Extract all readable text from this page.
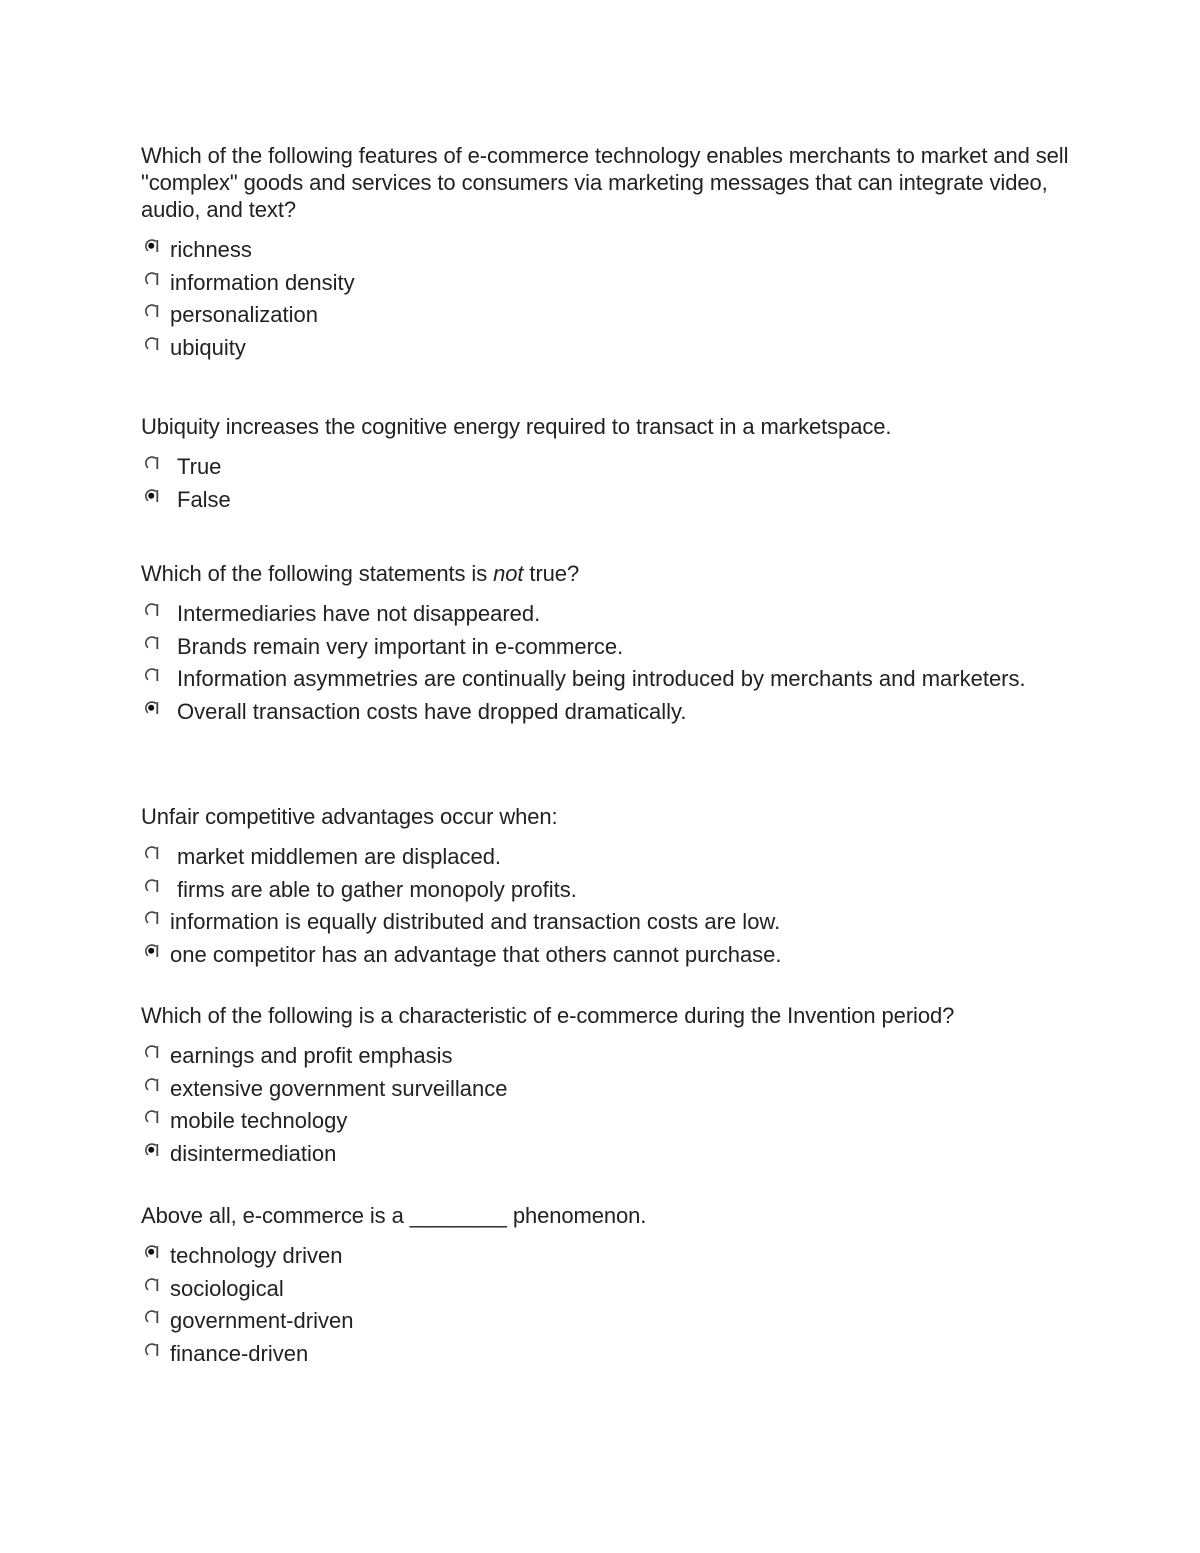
Which of the following features of e-commerce technology enables merchants to market and sell "complex" goods and services to consumers via marketing messages that can integrate video, audio, and text?

richness
information density
personalization
ubiquity

Ubiquity increases the cognitive energy required to transact in a marketspace.

True
False

Which of the following statements is not true?

Intermediaries have not disappeared.
Brands remain very important in e-commerce.
Information asymmetries are continually being introduced by merchants and marketers.
Overall transaction costs have dropped dramatically.

Unfair competitive advantages occur when:

market middlemen are displaced.
firms are able to gather monopoly profits.
information is equally distributed and transaction costs are low.
one competitor has an advantage that others cannot purchase.

Which of the following is a characteristic of e-commerce during the Invention period?

earnings and profit emphasis
extensive government surveillance
mobile technology
disintermediation

Above all, e-commerce is a ________ phenomenon.

technology driven
sociological
government-driven
finance-driven
